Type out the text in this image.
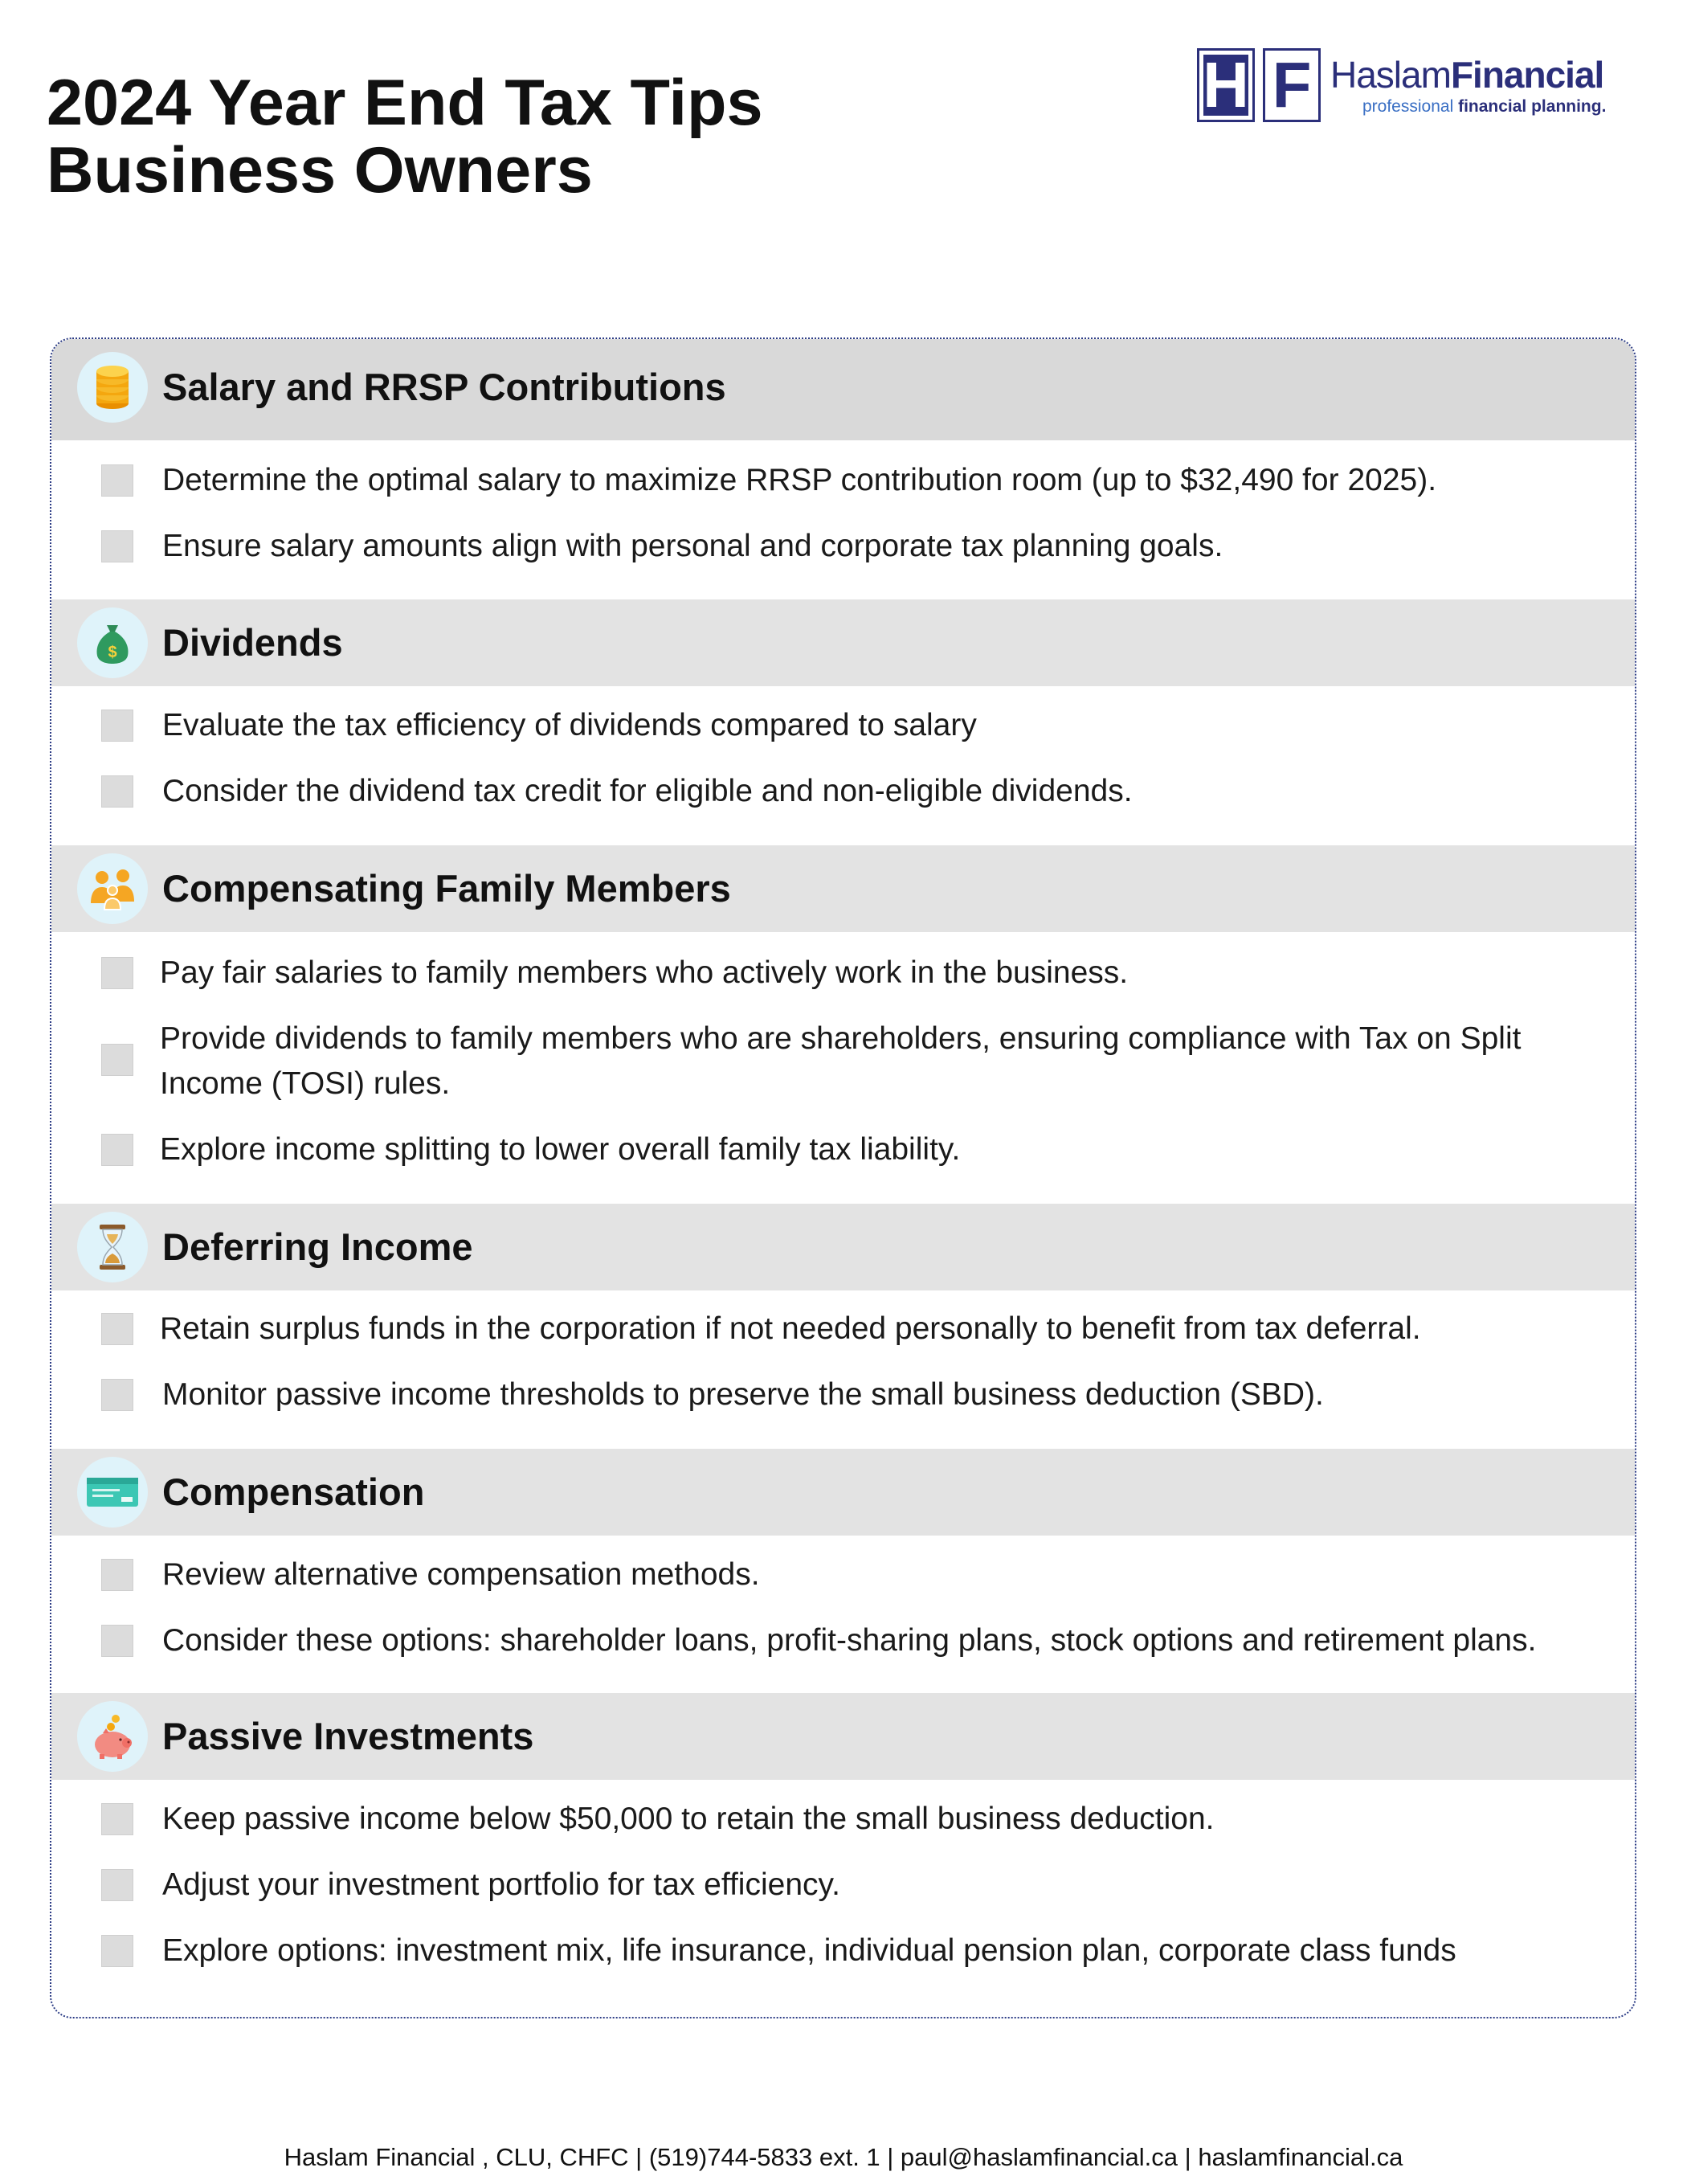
2024 Year End Tax Tips
Business Owners
H F HaslamFinancial
professional financial planning.
Salary and RRSP Contributions
Determine the optimal salary to maximize RRSP contribution room (up to $32,490 for 2025).
Ensure salary amounts align with personal and corporate tax planning goals.
$ Dividends
Evaluate the tax efficiency of dividends compared to salary
Consider the dividend tax credit for eligible and non-eligible dividends.
Compensating Family Members
Pay fair salaries to family members who actively work in the business.
Provide dividends to family members who are shareholders, ensuring compliance with Tax on Split Income (TOSI) rules.
Explore income splitting to lower overall family tax liability.
Deferring Income
Retain surplus funds in the corporation if not needed personally to benefit from tax deferral.
Monitor passive income thresholds to preserve the small business deduction (SBD).
Compensation
Review alternative compensation methods.
Consider these options: shareholder loans, profit-sharing plans, stock options and retirement plans.
Passive Investments
Keep passive income below $50,000 to retain the small business deduction.
Adjust your investment portfolio for tax efficiency.
Explore options: investment mix, life insurance, individual pension plan, corporate class funds
Haslam Financial , CLU, CHFC | (519)744-5833 ext. 1 | paul@haslamfinancial.ca | haslamfinancial.ca
